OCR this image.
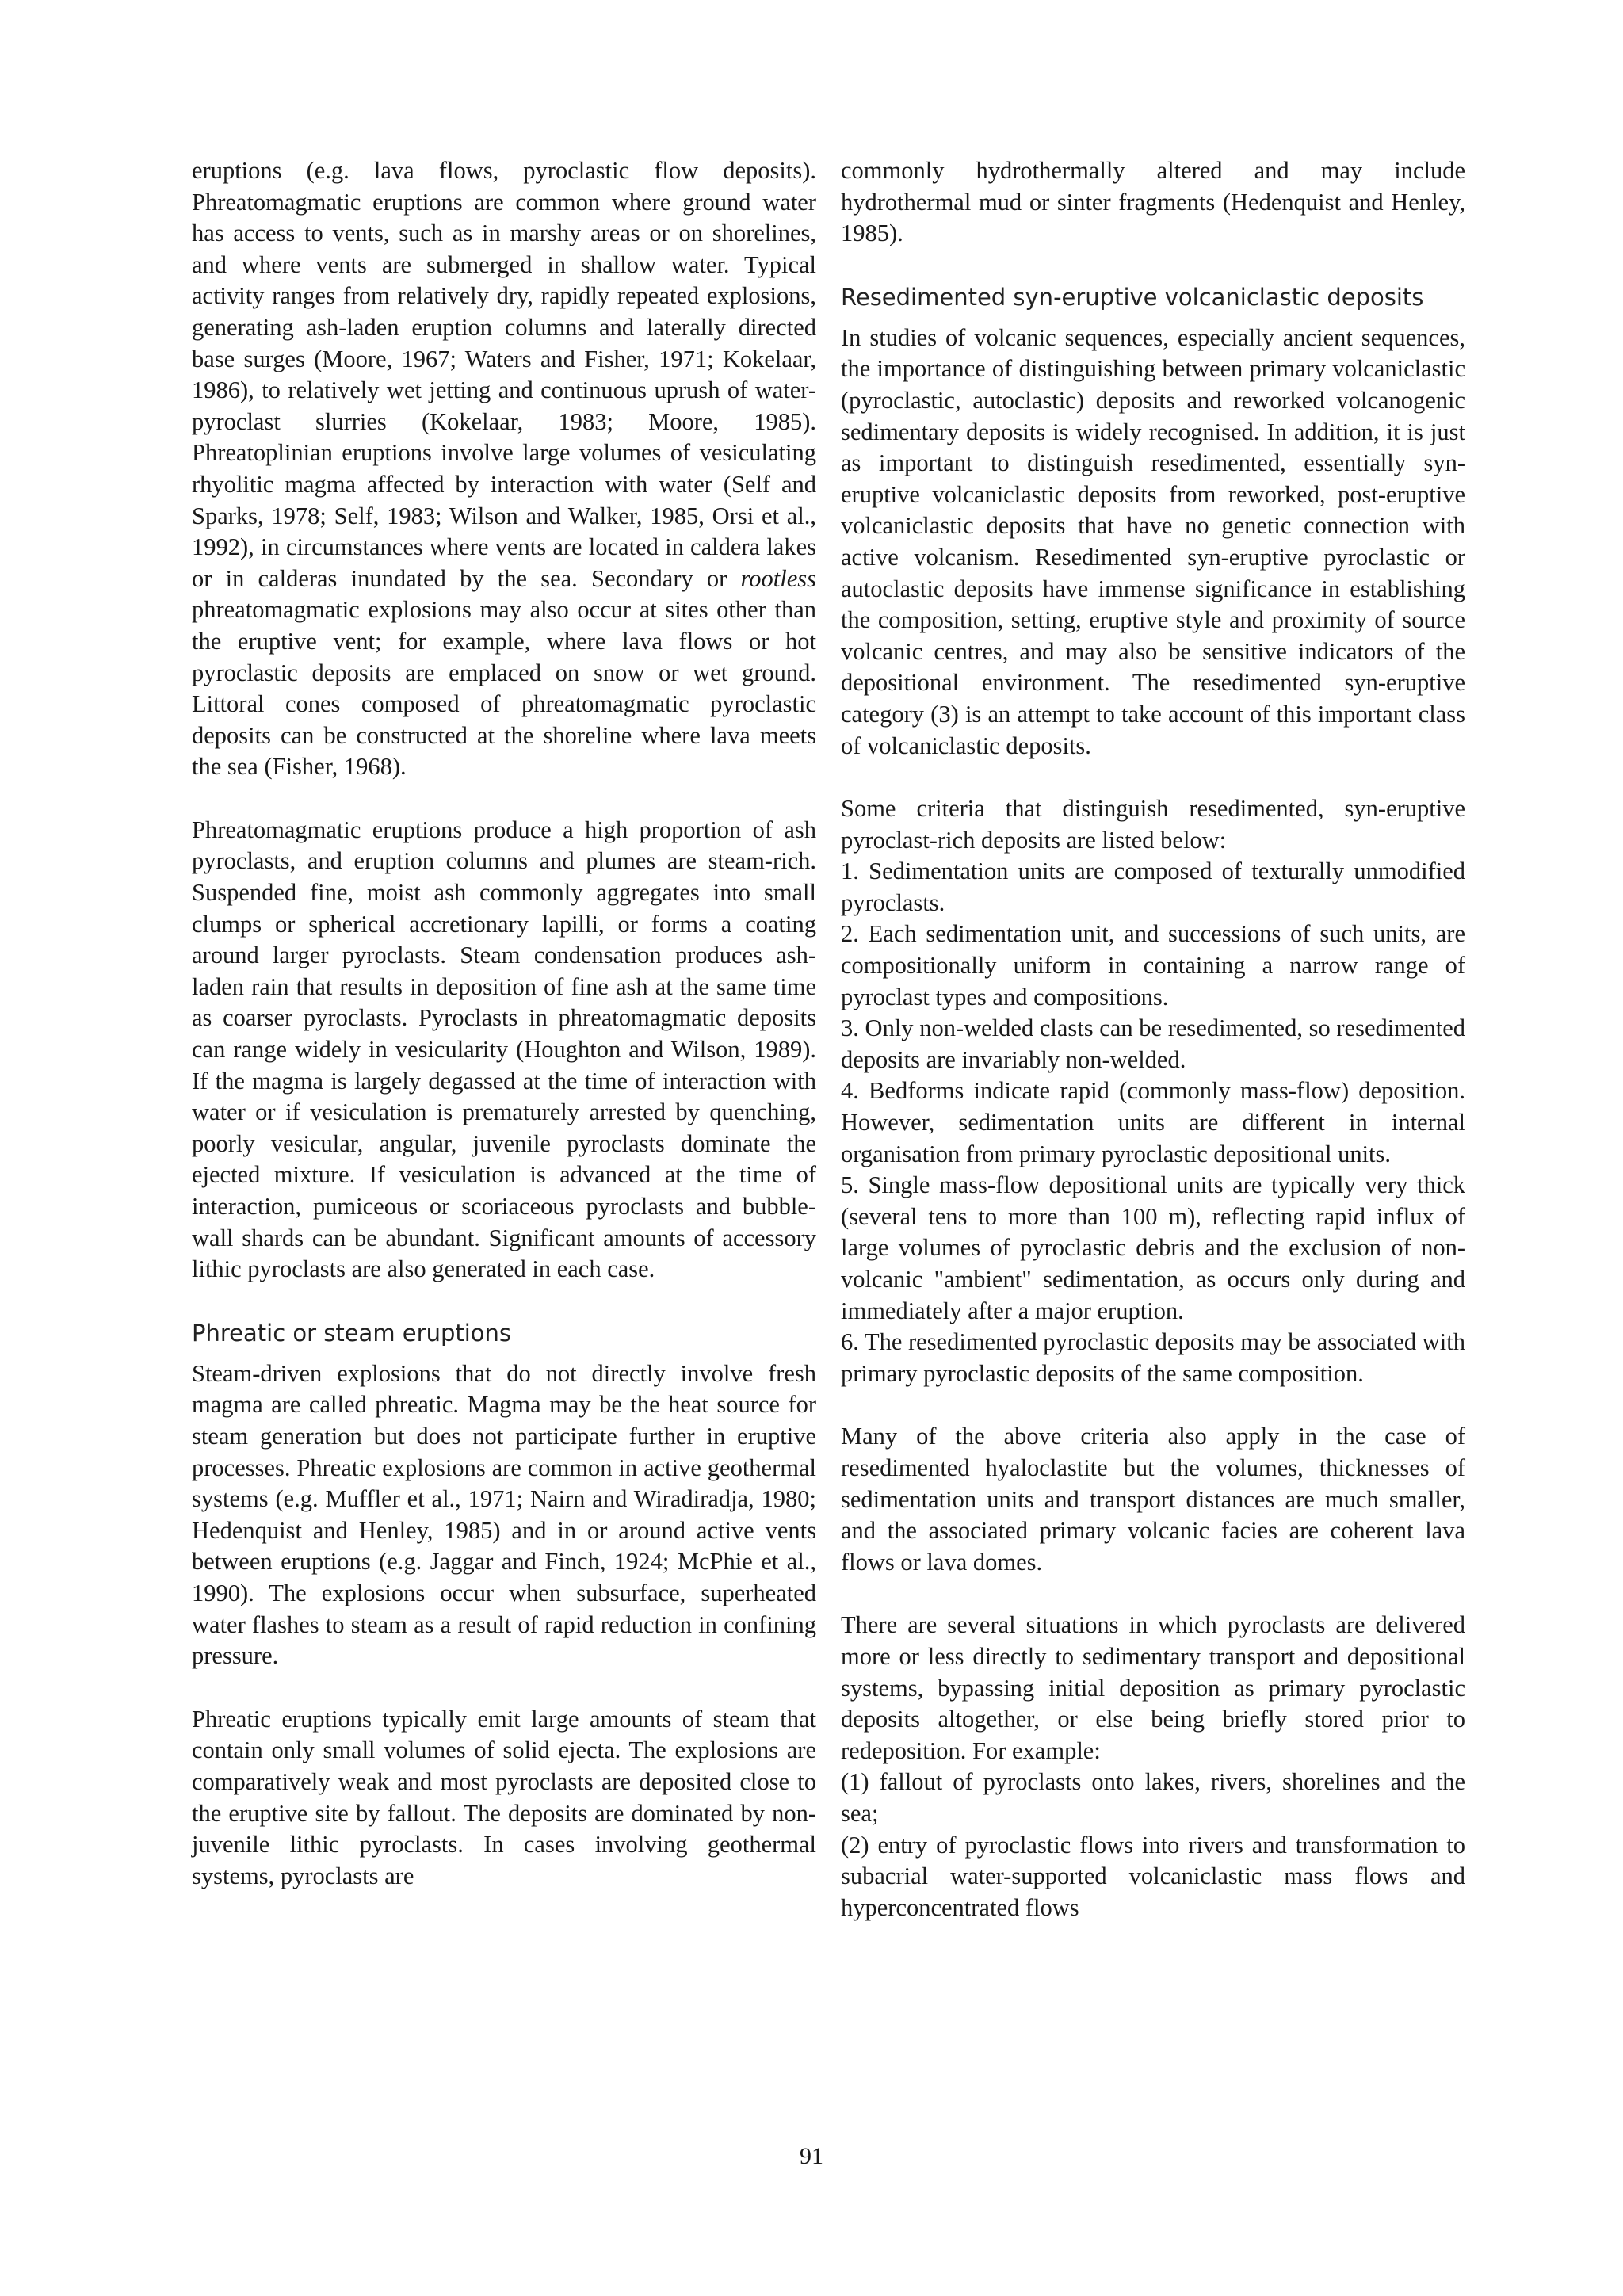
eruptions (e.g. lava flows, pyroclastic flow deposits). Phreatomagmatic eruptions are common where ground water has access to vents, such as in marshy areas or on shorelines, and where vents are submerged in shallow water. Typical activity ranges from relatively dry, rapidly repeated explosions, generating ash-laden eruption columns and laterally directed base surges (Moore, 1967; Waters and Fisher, 1971; Kokelaar, 1986), to relatively wet jetting and continuous uprush of water-pyroclast slurries (Kokelaar, 1983; Moore, 1985). Phreatoplinian eruptions involve large volumes of vesiculating rhyolitic magma affected by interaction with water (Self and Sparks, 1978; Self, 1983; Wilson and Walker, 1985, Orsi et al., 1992), in circumstances where vents are located in caldera lakes or in calderas inundated by the sea. Secondary or rootless phreatomagmatic explosions may also occur at sites other than the eruptive vent; for example, where lava flows or hot pyroclastic deposits are emplaced on snow or wet ground. Littoral cones composed of phreatomagmatic pyroclastic deposits can be constructed at the shoreline where lava meets the sea (Fisher, 1968).

Phreatomagmatic eruptions produce a high proportion of ash pyroclasts, and eruption columns and plumes are steam-rich. Suspended fine, moist ash commonly aggregates into small clumps or spherical accretionary lapilli, or forms a coating around larger pyroclasts. Steam condensation produces ash-laden rain that results in deposition of fine ash at the same time as coarser pyroclasts. Pyroclasts in phreatomagmatic deposits can range widely in vesicularity (Houghton and Wilson, 1989). If the magma is largely degassed at the time of interaction with water or if vesiculation is prematurely arrested by quenching, poorly vesicular, angular, juvenile pyroclasts dominate the ejected mixture. If vesiculation is advanced at the time of interaction, pumiceous or scoriaceous pyroclasts and bubble-wall shards can be abundant. Significant amounts of accessory lithic pyroclasts are also generated in each case.

Phreatic or steam eruptions

Steam-driven explosions that do not directly involve fresh magma are called phreatic. Magma may be the heat source for steam generation but does not participate further in eruptive processes. Phreatic explosions are common in active geothermal systems (e.g. Muffler et al., 1971; Nairn and Wiradiradja, 1980; Hedenquist and Henley, 1985) and in or around active vents between eruptions (e.g. Jaggar and Finch, 1924; McPhie et al., 1990). The explosions occur when subsurface, superheated water flashes to steam as a result of rapid reduction in confining pressure.

Phreatic eruptions typically emit large amounts of steam that contain only small volumes of solid ejecta. The explosions are comparatively weak and most pyroclasts are deposited close to the eruptive site by fallout. The deposits are dominated by non-juvenile lithic pyroclasts. In cases involving geothermal systems, pyroclasts are

commonly hydrothermally altered and may include hydrothermal mud or sinter fragments (Hedenquist and Henley, 1985).

Resedimented syn-eruptive volcaniclastic deposits

In studies of volcanic sequences, especially ancient sequences, the importance of distinguishing between primary volcaniclastic (pyroclastic, autoclastic) deposits and reworked volcanogenic sedimentary deposits is widely recognised. In addition, it is just as important to distinguish resedimented, essentially syn-eruptive volcaniclastic deposits from reworked, post-eruptive volcaniclastic deposits that have no genetic connection with active volcanism. Resedimented syn-eruptive pyroclastic or autoclastic deposits have immense significance in establishing the composition, setting, eruptive style and proximity of source volcanic centres, and may also be sensitive indicators of the depositional environment. The resedimented syn-eruptive category (3) is an attempt to take account of this important class of volcaniclastic deposits.

Some criteria that distinguish resedimented, syn-eruptive pyroclast-rich deposits are listed below:

1. Sedimentation units are composed of texturally unmodified pyroclasts.

2. Each sedimentation unit, and successions of such units, are compositionally uniform in containing a narrow range of pyroclast types and compositions.

3. Only non-welded clasts can be resedimented, so resedimented deposits are invariably non-welded.

4. Bedforms indicate rapid (commonly mass-flow) deposition. However, sedimentation units are different in internal organisation from primary pyroclastic depositional units.

5. Single mass-flow depositional units are typically very thick (several tens to more than 100 m), reflecting rapid influx of large volumes of pyroclastic debris and the exclusion of non-volcanic "ambient" sedimentation, as occurs only during and immediately after a major eruption.

6. The resedimented pyroclastic deposits may be associated with primary pyroclastic deposits of the same composition.

Many of the above criteria also apply in the case of resedimented hyaloclastite but the volumes, thicknesses of sedimentation units and transport distances are much smaller, and the associated primary volcanic facies are coherent lava flows or lava domes.

There are several situations in which pyroclasts are delivered more or less directly to sedimentary transport and depositional systems, bypassing initial deposition as primary pyroclastic deposits altogether, or else being briefly stored prior to redeposition. For example:

(1) fallout of pyroclasts onto lakes, rivers, shorelines and the sea;

(2) entry of pyroclastic flows into rivers and transformation to subacrial water-supported volcaniclastic mass flows and hyperconcentrated flows

91
